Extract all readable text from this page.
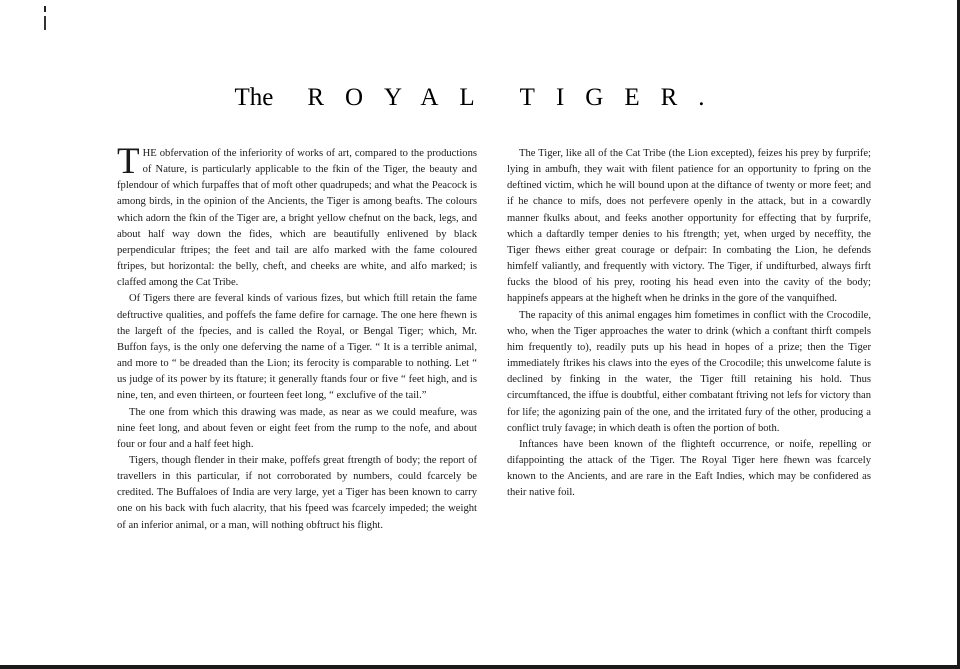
The ROYAL TIGER.

THE obfervation of the inferiority of works of art, compared to the productions of Nature, is particularly applicable to the fkin of the Tiger, the beauty and fplendour of which furpaffes that of moft other quadrupeds; and what the Peacock is among birds, in the opinion of the Ancients, the Tiger is among beafts. The colours which adorn the fkin of the Tiger are, a bright yellow chefnut on the back, legs, and about half way down the fides, which are beautifully enlivened by black perpendicular ftripes; the feet and tail are alfo marked with the fame coloured ftripes, but horizontal: the belly, cheft, and cheeks are white, and alfo marked; is claffed among the Cat Tribe.

Of Tigers there are feveral kinds of various fizes, but which ftill retain the fame deftructive qualities, and poffefs the fame defire for carnage. The one here fhewn is the largeft of the fpecies, and is called the Royal, or Bengal Tiger; which, Mr. Buffon fays, is the only one deferving the name of a Tiger. “ It is a terrible animal, and more to “ be dreaded than the Lion; its ferocity is comparable to nothing. Let “ us judge of its power by its ftature; it generally ftands four or five “ feet high, and is nine, ten, and even thirteen, or fourteen feet long, “ exclufive of the tail.”

The one from which this drawing was made, as near as we could meafure, was nine feet long, and about feven or eight feet from the rump to the nofe, and about four or four and a half feet high.

Tigers, though flender in their make, poffefs great ftrength of body; the report of travellers in this particular, if not corroborated by numbers, could fcarcely be credited. The Buffaloes of India are very large, yet a Tiger has been known to carry one on his back with fuch alacrity, that his fpeed was fcarcely impeded; the weight of an inferior animal, or a man, will nothing obftruct his flight.

The Tiger, like all of the Cat Tribe (the Lion excepted), feizes his prey by furprife; lying in ambufh, they wait with filent patience for an opportunity to fpring on the deftined victim, which he will bound upon at the diftance of twenty or more feet; and if he chance to mifs, does not perfevere openly in the attack, but in a cowardly manner fkulks about, and feeks another opportunity for effecting that by furprife, which a daftardly temper denies to his ftrength; yet, when urged by neceffity, the Tiger fhews either great courage or defpair: In combating the Lion, he defends himfelf valiantly, and frequently with victory. The Tiger, if undifturbed, always firft fucks the blood of his prey, rooting his head even into the cavity of the body; happinefs appears at the higheft when he drinks in the gore of the vanquifhed.

The rapacity of this animal engages him fometimes in conflict with the Crocodile, who, when the Tiger approaches the water to drink (which a conftant thirft compels him frequently to), readily puts up his head in hopes of a prize; then the Tiger immediately ftrikes his claws into the eyes of the Crocodile; this unwelcome falute is declined by finking in the water, the Tiger ftill retaining his hold. Thus circumftanced, the iffue is doubtful, either combatant ftriving not lefs for victory than for life; the agonizing pain of the one, and the irritated fury of the other, producing a conflict truly favage; in which death is often the portion of both.

Inftances have been known of the flighteft occurrence, or noife, repelling or difappointing the attack of the Tiger. The Royal Tiger here fhewn was fcarcely known to the Ancients, and are rare in the Eaft Indies, which may be confidered as their native foil.
